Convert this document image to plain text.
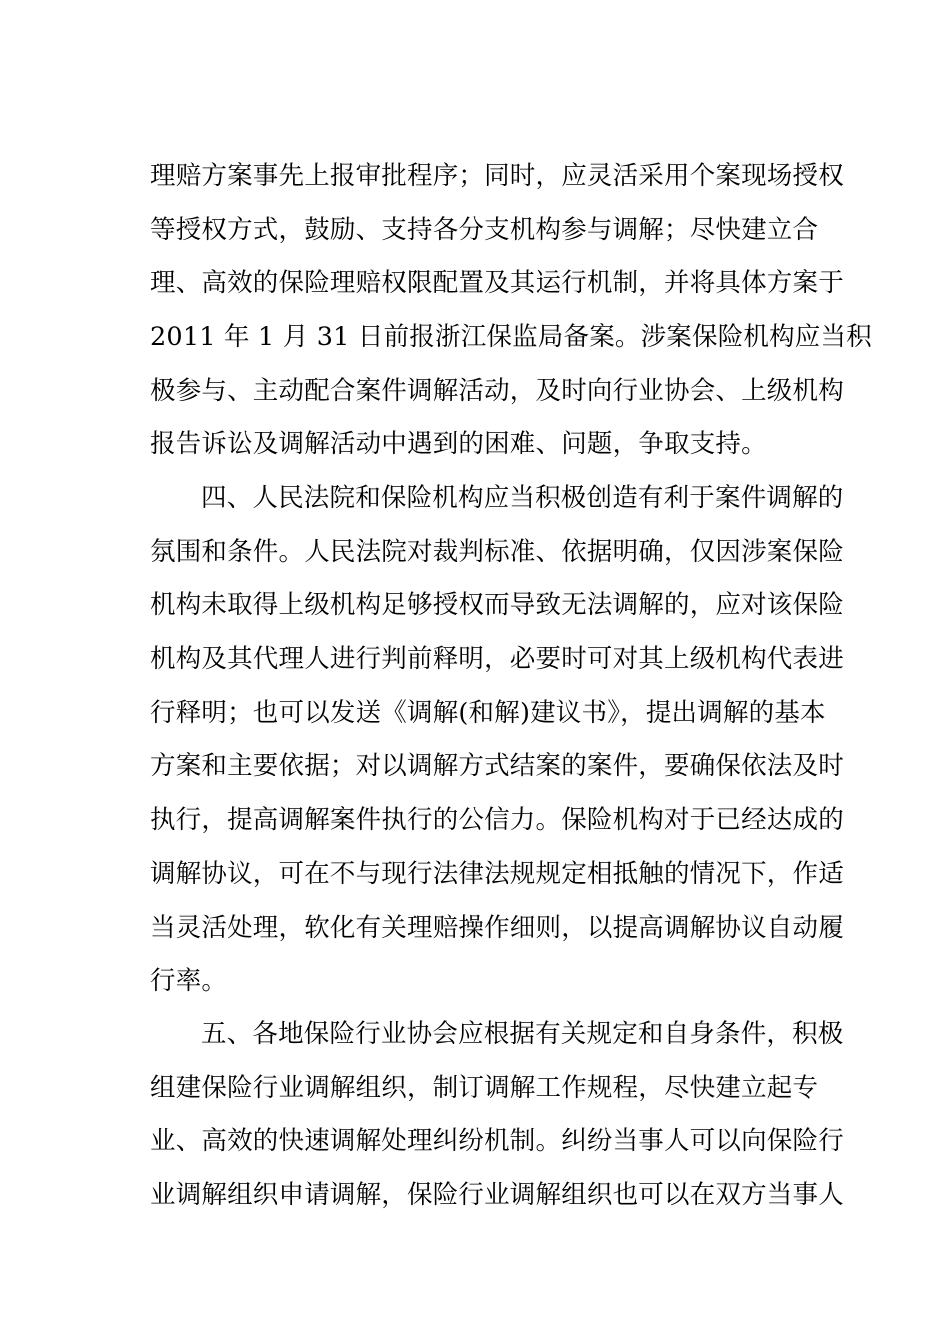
理赔方案事先上报审批程序；同时，应灵活采用个案现场授权
等授权方式，鼓励、支持各分支机构参与调解；尽快建立合
理、高效的保险理赔权限配置及其运行机制，并将具体方案于
2011 年 1 月 31 日前报浙江保监局备案。涉案保险机构应当积
极参与、主动配合案件调解活动，及时向行业协会、上级机构
报告诉讼及调解活动中遇到的困难、问题，争取支持。
四、人民法院和保险机构应当积极创造有利于案件调解的
氛围和条件。人民法院对裁判标准、依据明确，仅因涉案保险
机构未取得上级机构足够授权而导致无法调解的，应对该保险
机构及其代理人进行判前释明，必要时可对其上级机构代表进
行释明；也可以发送《调解(和解)建议书》，提出调解的基本
方案和主要依据；对以调解方式结案的案件，要确保依法及时
执行，提高调解案件执行的公信力。保险机构对于已经达成的
调解协议，可在不与现行法律法规规定相抵触的情况下，作适
当灵活处理，软化有关理赔操作细则，以提高调解协议自动履
行率。
五、各地保险行业协会应根据有关规定和自身条件，积极
组建保险行业调解组织，制订调解工作规程，尽快建立起专
业、高效的快速调解处理纠纷机制。纠纷当事人可以向保险行
业调解组织申请调解，保险行业调解组织也可以在双方当事人
